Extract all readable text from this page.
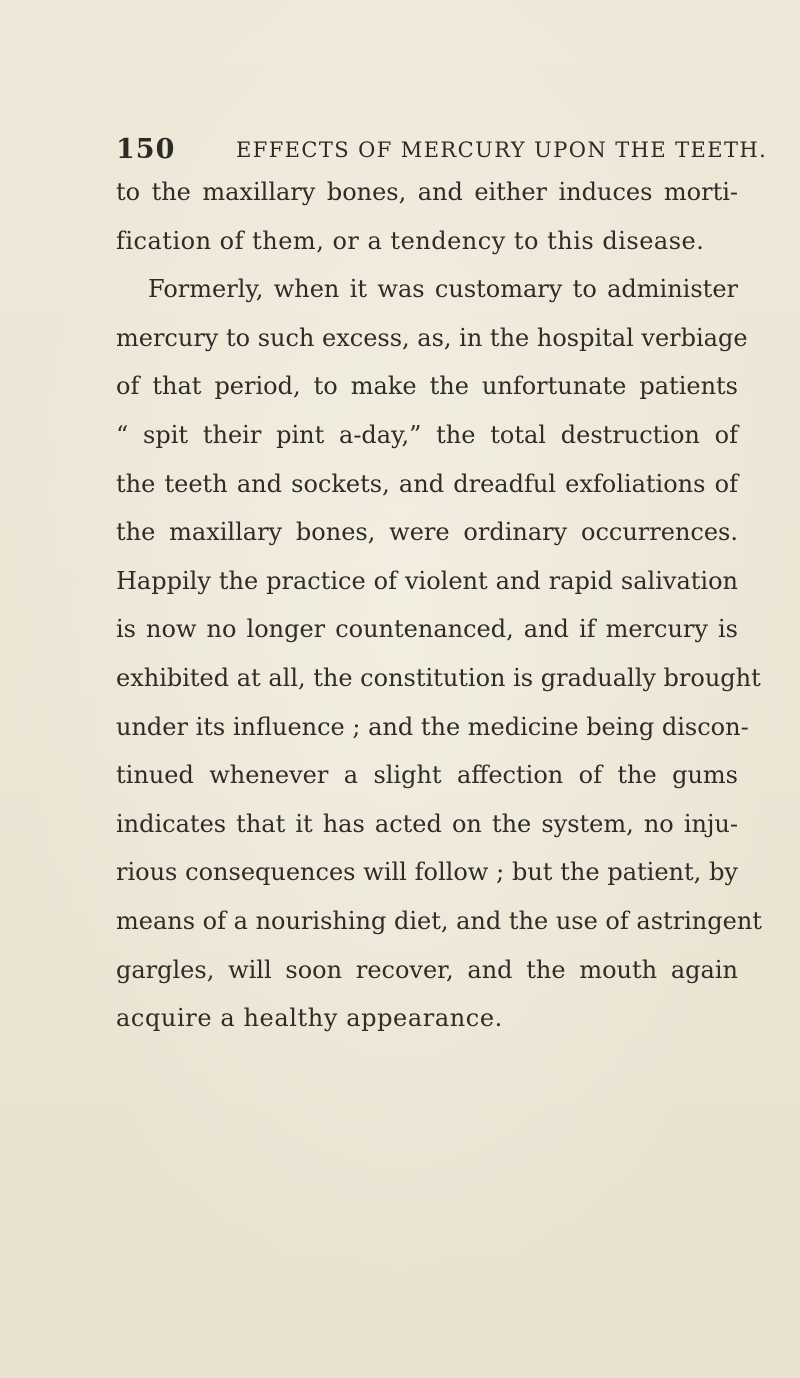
150	EFFECTS OF MERCURY UPON THE TEETH.
to the maxillary bones, and either induces morti-
fication of them, or a tendency to this disease.
Formerly, when it was customary to administer
mercury to such excess, as, in the hospital verbiage
of that period, to make the unfortunate patients
“ spit their pint a-day,” the total destruction of
the teeth and sockets, and dreadful exfoliations of
the maxillary bones, were ordinary occurrences.
Happily the practice of violent and rapid salivation
is now no longer countenanced, and if mercury is
exhibited at all, the constitution is gradually brought
under its influence ; and the medicine being discon-
tinued whenever a slight affection of the gums
indicates that it has acted on the system, no inju-
rious consequences will follow ; but the patient, by
means of a nourishing diet, and the use of astringent
gargles, will soon recover, and the mouth again
acquire a healthy appearance.
